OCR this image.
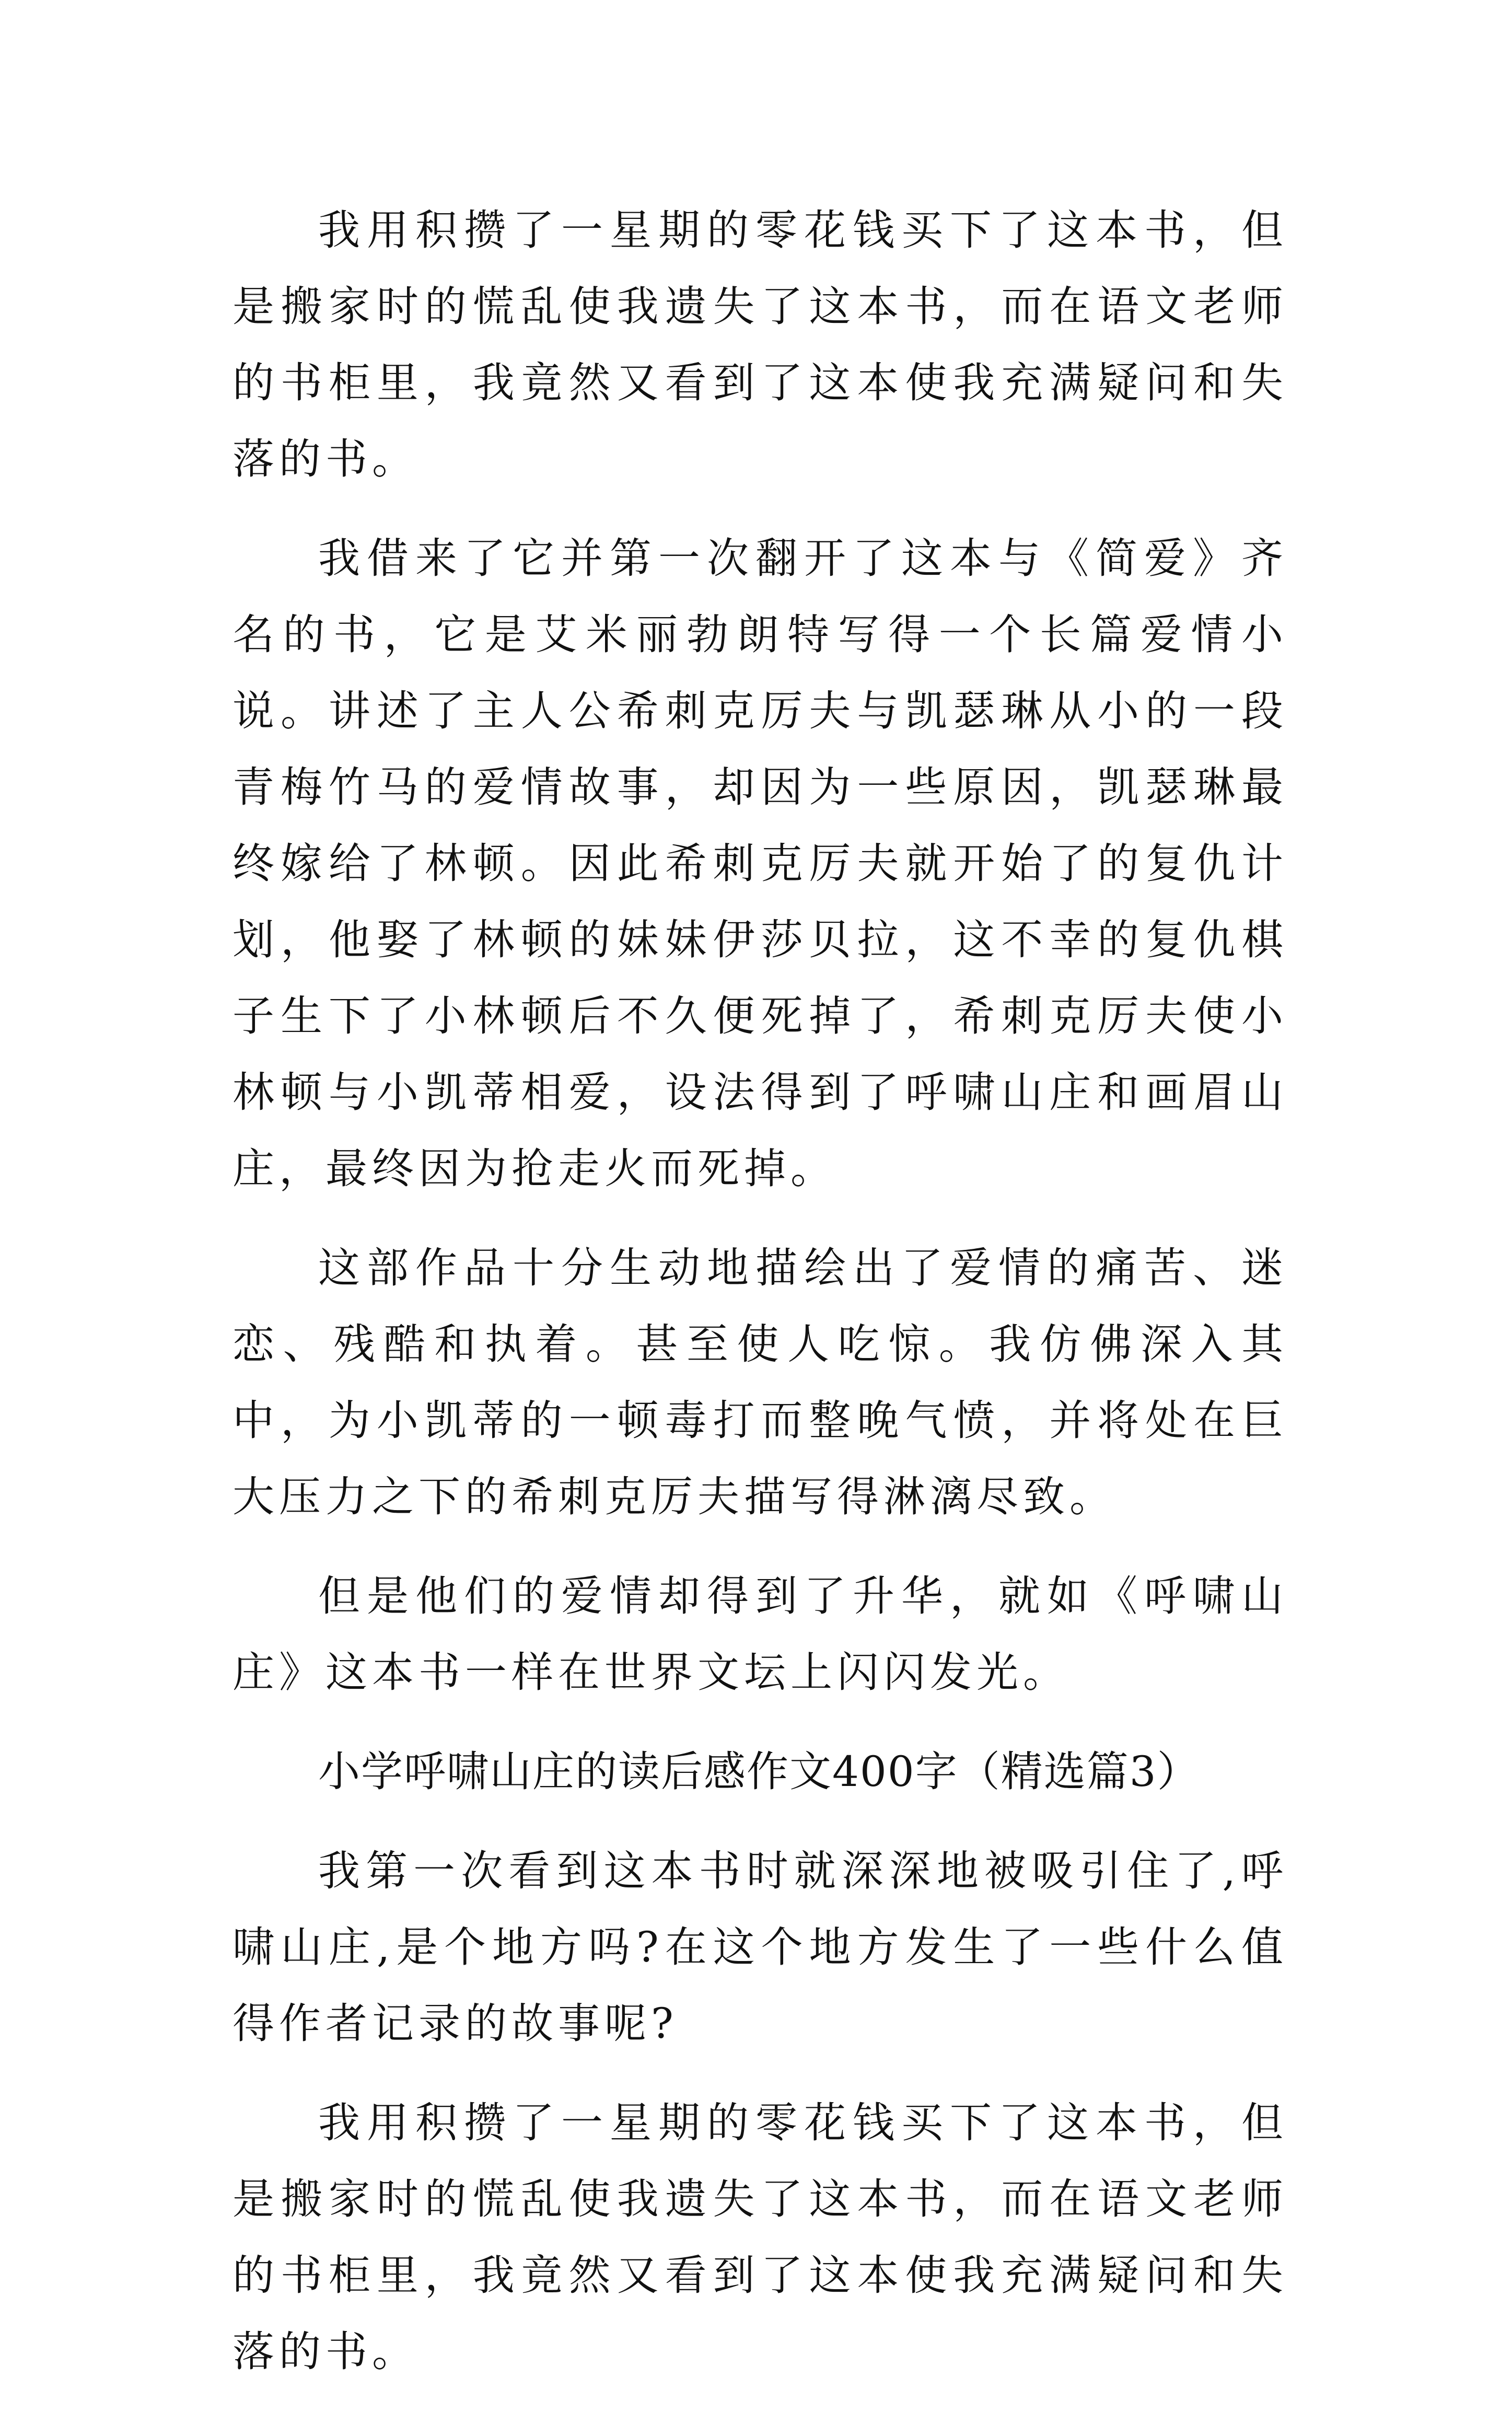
我用积攒了一星期的零花钱买下了这本书，但是搬家时的慌乱使我遗失了这本书，而在语文老师的书柜里，我竟然又看到了这本使我充满疑问和失落的书。

我借来了它并第一次翻开了这本与《简爱》齐名的书，它是艾米丽勃朗特写得一个长篇爱情小说。讲述了主人公希刺克厉夫与凯瑟琳从小的一段青梅竹马的爱情故事，却因为一些原因，凯瑟琳最终嫁给了林顿。因此希刺克厉夫就开始了的复仇计划，他娶了林顿的妹妹伊莎贝拉，这不幸的复仇棋子生下了小林顿后不久便死掉了，希刺克厉夫使小林顿与小凯蒂相爱，设法得到了呼啸山庄和画眉山庄，最终因为抢走火而死掉。

这部作品十分生动地描绘出了爱情的痛苦、迷恋、残酷和执着。甚至使人吃惊。我仿佛深入其中，为小凯蒂的一顿毒打而整晚气愤，并将处在巨大压力之下的希刺克厉夫描写得淋漓尽致。

但是他们的爱情却得到了升华，就如《呼啸山庄》这本书一样在世界文坛上闪闪发光。

小学呼啸山庄的读后感作文400字（精选篇3）

我第一次看到这本书时就深深地被吸引住了,呼啸山庄,是个地方吗?在这个地方发生了一些什么值得作者记录的故事呢?

我用积攒了一星期的零花钱买下了这本书，但是搬家时的慌乱使我遗失了这本书，而在语文老师的书柜里，我竟然又看到了这本使我充满疑问和失落的书。
